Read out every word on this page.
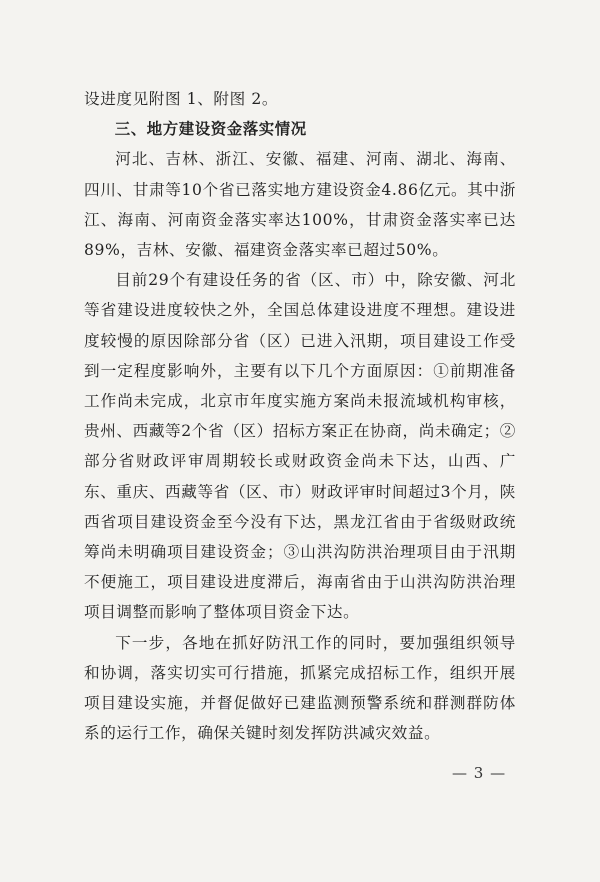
设进度见附图 1、附图 2。

三、地方建设资金落实情况

河北、吉林、浙江、安徽、福建、河南、湖北、海南、四川、甘肃等10个省已落实地方建设资金4.86亿元。其中浙江、海南、河南资金落实率达100%，甘肃资金落实率已达89%，吉林、安徽、福建资金落实率已超过50%。

目前29个有建设任务的省（区、市）中，除安徽、河北等省建设进度较快之外，全国总体建设进度不理想。建设进度较慢的原因除部分省（区）已进入汛期，项目建设工作受到一定程度影响外，主要有以下几个方面原因：①前期准备工作尚未完成，北京市年度实施方案尚未报流域机构审核，贵州、西藏等2个省（区）招标方案正在协商，尚未确定；②部分省财政评审周期较长或财政资金尚未下达，山西、广东、重庆、西藏等省（区、市）财政评审时间超过3个月，陕西省项目建设资金至今没有下达，黑龙江省由于省级财政统筹尚未明确项目建设资金；③山洪沟防洪治理项目由于汛期不便施工，项目建设进度滞后，海南省由于山洪沟防洪治理项目调整而影响了整体项目资金下达。

下一步，各地在抓好防汛工作的同时，要加强组织领导和协调，落实切实可行措施，抓紧完成招标工作，组织开展项目建设实施，并督促做好已建监测预警系统和群测群防体系的运行工作，确保关键时刻发挥防洪减灾效益。

— 3 —
